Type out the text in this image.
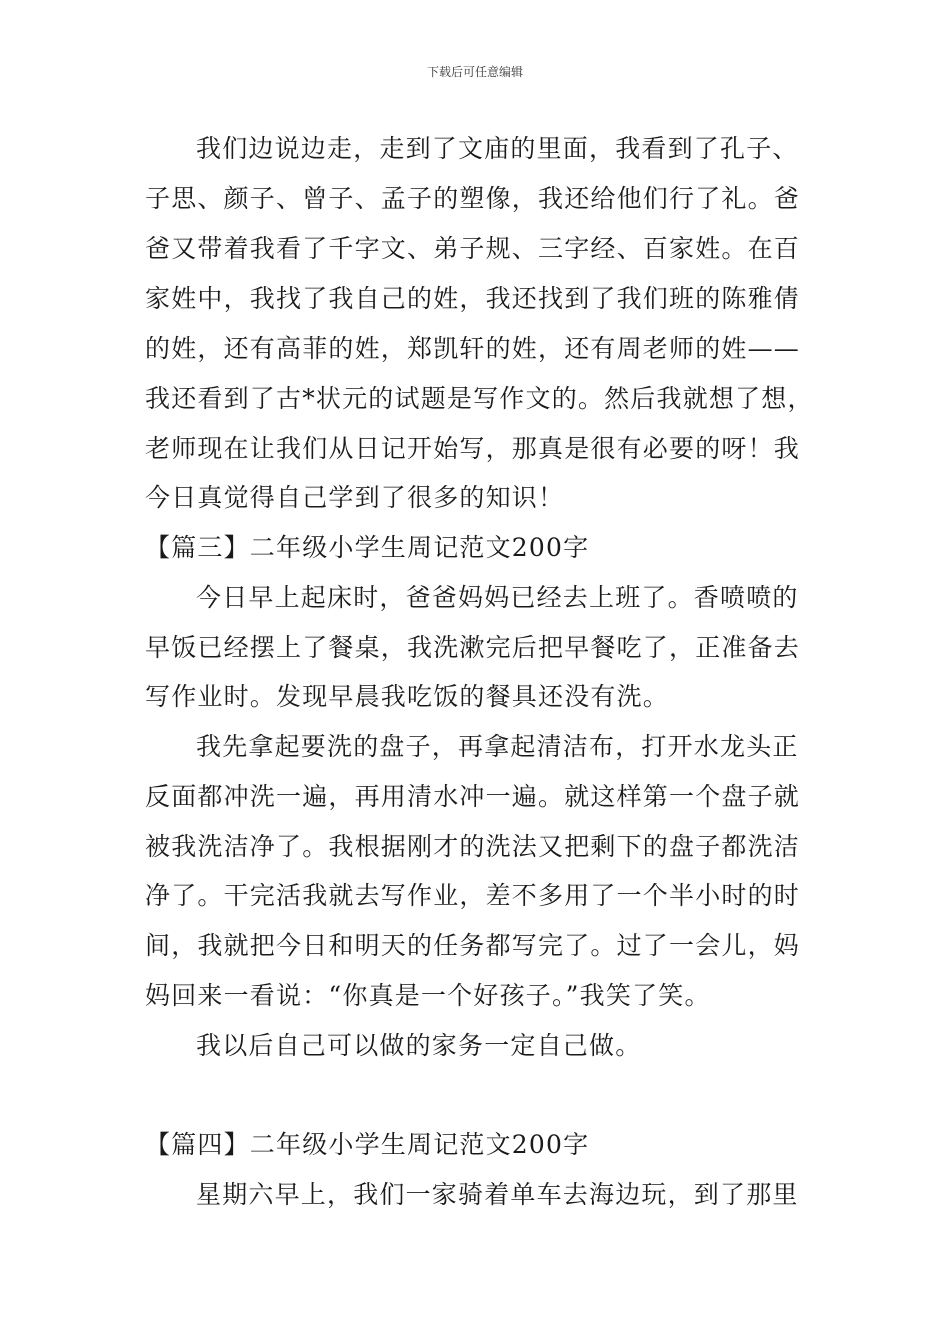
下载后可任意编辑
我们边说边走，走到了文庙的里面，我看到了孔子、
子思、颜子、曾子、孟子的塑像，我还给他们行了礼。爸
爸又带着我看了千字文、弟子规、三字经、百家姓。在百
家姓中，我找了我自己的姓，我还找到了我们班的陈雅倩
的姓，还有高菲的姓，郑凯轩的姓，还有周老师的姓——
我还看到了古*状元的试题是写作文的。然后我就想了想，
老师现在让我们从日记开始写，那真是很有必要的呀！我
今日真觉得自己学到了很多的知识！
【篇三】二年级小学生周记范文200字
今日早上起床时，爸爸妈妈已经去上班了。香喷喷的
早饭已经摆上了餐桌，我洗漱完后把早餐吃了，正准备去
写作业时。发现早晨我吃饭的餐具还没有洗。
我先拿起要洗的盘子，再拿起清洁布，打开水龙头正
反面都冲洗一遍，再用清水冲一遍。就这样第一个盘子就
被我洗洁净了。我根据刚才的洗法又把剩下的盘子都洗洁
净了。干完活我就去写作业，差不多用了一个半小时的时
间，我就把今日和明天的任务都写完了。过了一会儿，妈
妈回来一看说：“你真是一个好孩子。”我笑了笑。
我以后自己可以做的家务一定自己做。
【篇四】二年级小学生周记范文200字
星期六早上，我们一家骑着单车去海边玩，到了那里
